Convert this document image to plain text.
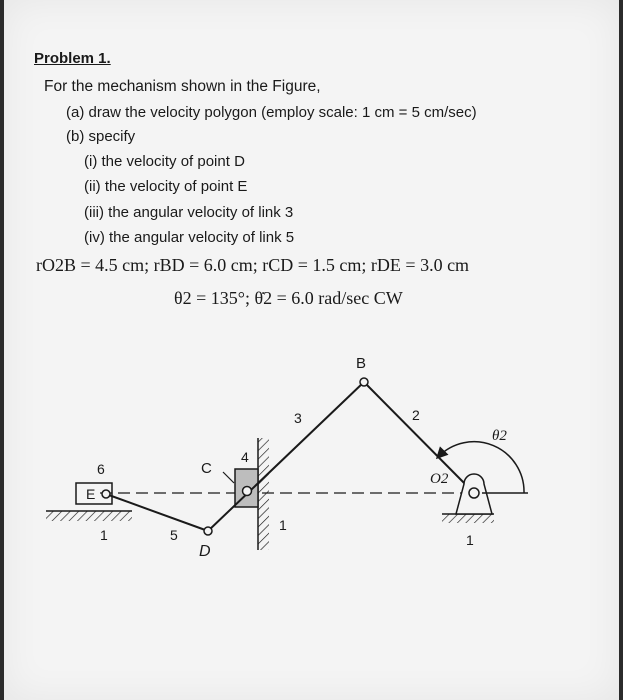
Problem 1.
For the mechanism shown in the Figure,
(a) draw the velocity polygon (employ scale: 1 cm = 5 cm/sec)
(b) specify
(i) the velocity of point D
(ii) the velocity of point E
(iii) the angular velocity of link 3
(iv) the angular velocity of link 5
rO2B = 4.5 cm; rBD = 6.0 cm; rCD = 1.5 cm; rDE = 3.0 cm
θ2 = 135°; θ̇2 = 6.0 rad/sec CW
B
C
D
E
O2
1
1
1
2
3
4
5
6
θ2
